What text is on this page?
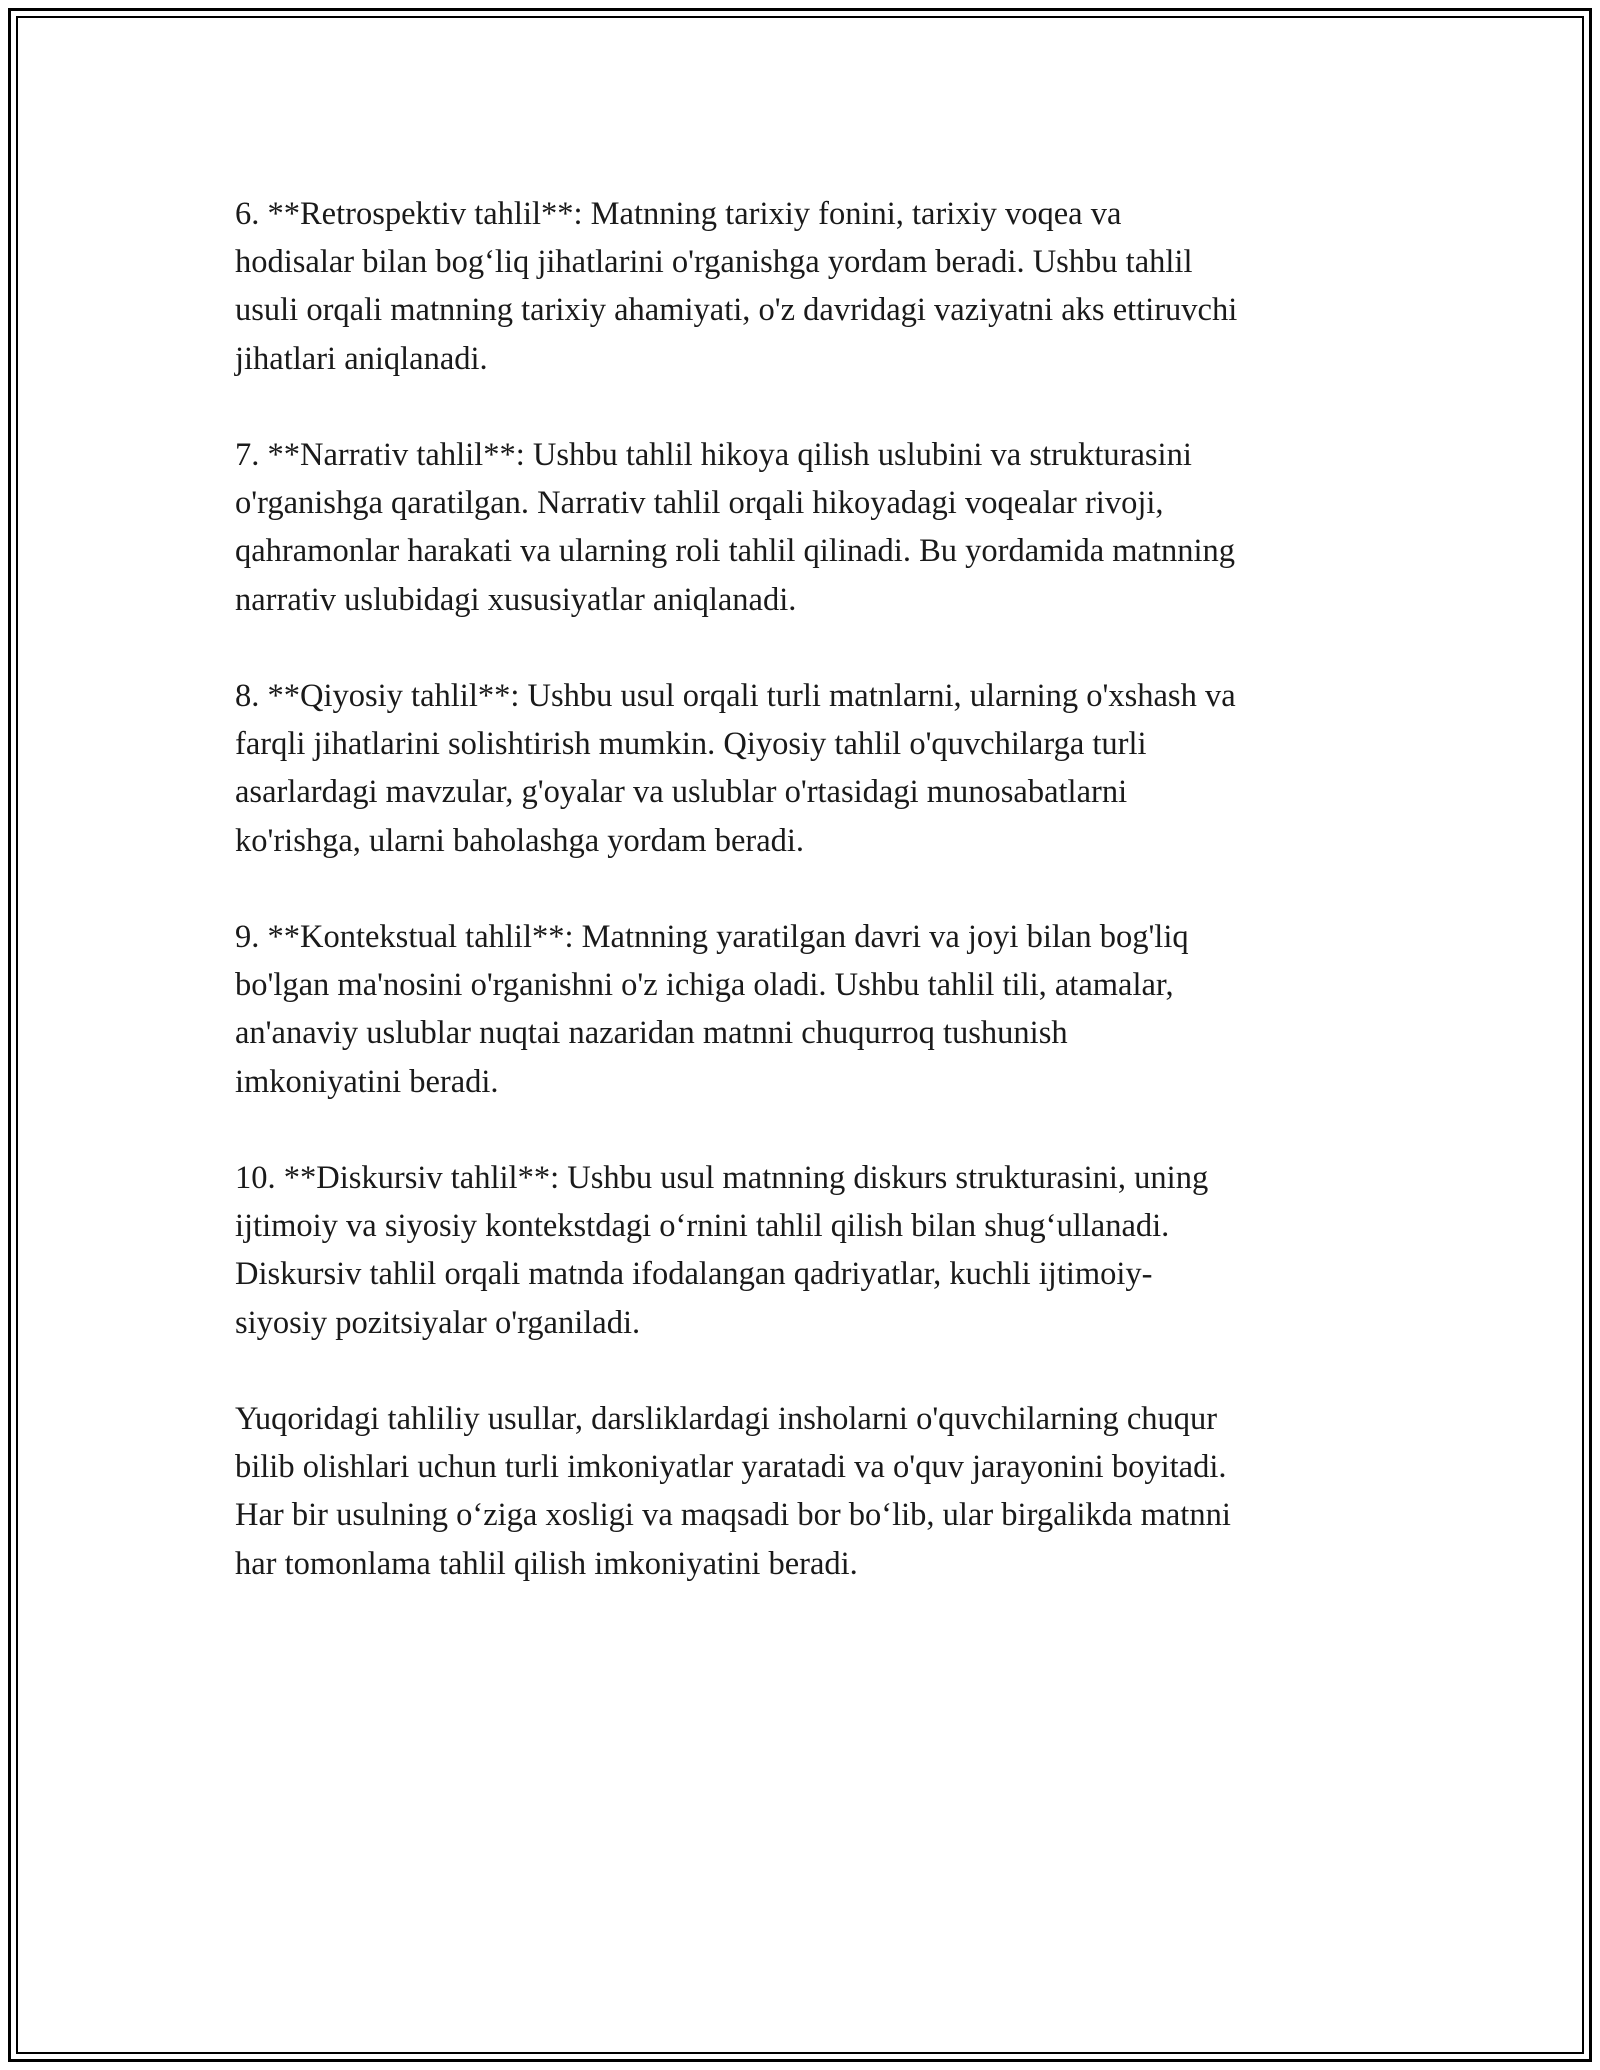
6. **Retrospektiv tahlil**: Matnning tarixiy fonini, tarixiy voqea va
hodisalar bilan bog‘liq jihatlarini o'rganishga yordam beradi. Ushbu tahlil
usuli orqali matnning tarixiy ahamiyati, o'z davridagi vaziyatni aks ettiruvchi
jihatlari aniqlanadi.

7. **Narrativ tahlil**: Ushbu tahlil hikoya qilish uslubini va strukturasini
o'rganishga qaratilgan. Narrativ tahlil orqali hikoyadagi voqealar rivoji,
qahramonlar harakati va ularning roli tahlil qilinadi. Bu yordamida matnning
narrativ uslubidagi xususiyatlar aniqlanadi.

8. **Qiyosiy tahlil**: Ushbu usul orqali turli matnlarni, ularning o'xshash va
farqli jihatlarini solishtirish mumkin. Qiyosiy tahlil o'quvchilarga turli
asarlardagi mavzular, g'oyalar va uslublar o'rtasidagi munosabatlarni
ko'rishga, ularni baholashga yordam beradi.

9. **Kontekstual tahlil**: Matnning yaratilgan davri va joyi bilan bog'liq
bo'lgan ma'nosini o'rganishni o'z ichiga oladi. Ushbu tahlil tili, atamalar,
an'anaviy uslublar nuqtai nazaridan matnni chuqurroq tushunish
imkoniyatini beradi.

10. **Diskursiv tahlil**: Ushbu usul matnning diskurs strukturasini, uning
ijtimoiy va siyosiy kontekstdagi o‘rnini tahlil qilish bilan shug‘ullanadi.
Diskursiv tahlil orqali matnda ifodalangan qadriyatlar, kuchli ijtimoiy-
siyosiy pozitsiyalar o'rganiladi.

Yuqoridagi tahliliy usullar, darsliklardagi insholarni o'quvchilarning chuqur
bilib olishlari uchun turli imkoniyatlar yaratadi va o'quv jarayonini boyitadi.
Har bir usulning o‘ziga xosligi va maqsadi bor bo‘lib, ular birgalikda matnni
har tomonlama tahlil qilish imkoniyatini beradi.
